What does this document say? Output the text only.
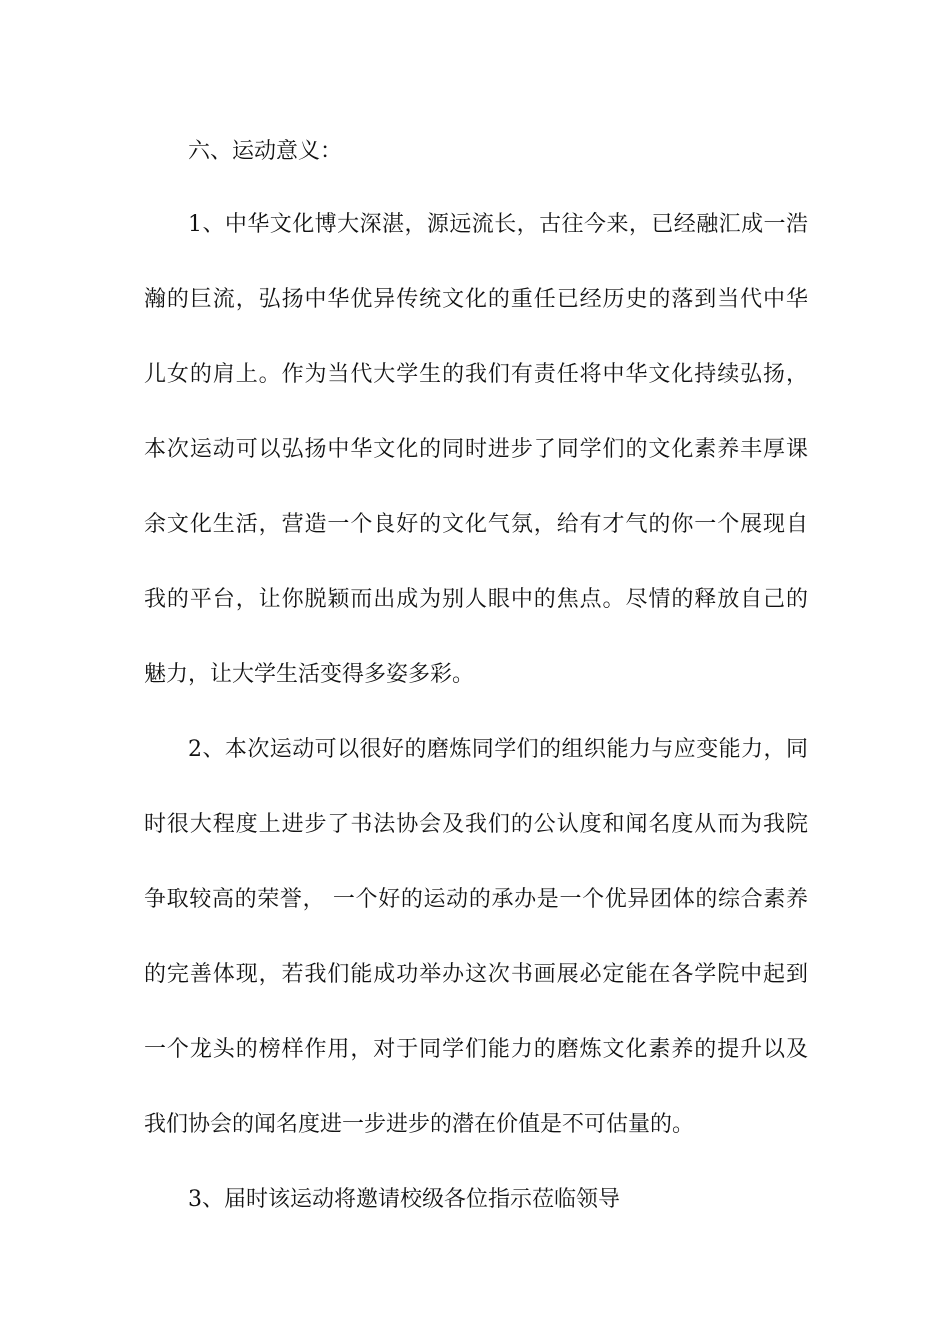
六、运动意义：
1、中华文化博大深湛，源远流长，古往今来，已经融汇成一浩
瀚的巨流，弘扬中华优异传统文化的重任已经历史的落到当代中华
儿女的肩上。作为当代大学生的我们有责任将中华文化持续弘扬，
本次运动可以弘扬中华文化的同时进步了同学们的文化素养丰厚课
余文化生活，营造一个良好的文化气氛，给有才气的你一个展现自
我的平台，让你脱颖而出成为别人眼中的焦点。尽情的释放自己的
魅力，让大学生活变得多姿多彩。
2、本次运动可以很好的磨炼同学们的组织能力与应变能力，同
时很大程度上进步了书法协会及我们的公认度和闻名度从而为我院
争取较高的荣誉， 一个好的运动的承办是一个优异团体的综合素养
的完善体现，若我们能成功举办这次书画展必定能在各学院中起到
一个龙头的榜样作用，对于同学们能力的磨炼文化素养的提升以及
我们协会的闻名度进一步进步的潜在价值是不可估量的。
3、届时该运动将邀请校级各位指示莅临领导
